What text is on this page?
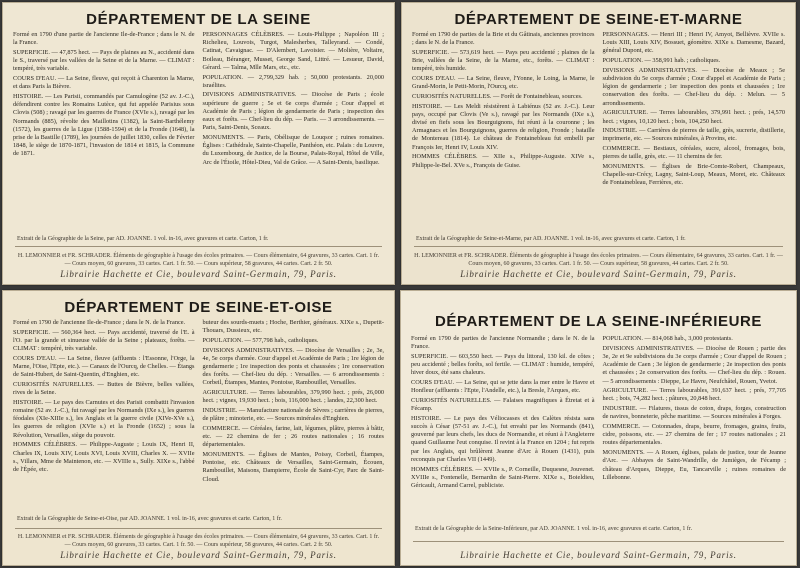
DÉPARTEMENT DE LA SEINE

Formé en 1790 d'une partie de l'ancienne Ile-de-France ; dans le N. de la France.

SUPERFICIE. — 47,875 hect. — Pays de plaines au N., accidenté dans le S., traversé par les vallées de la Seine et de la Marne. — CLIMAT : tempéré, très variable.

COURS D'EAU. — La Seine, fleuve, qui reçoit à Charenton la Marne, et dans Paris la Bièvre.

HISTOIRE. — Les Parisii, commandés par Camulogène (52 av. J.-C.), défendirent contre les Romains Lutèce, qui fut appelée Parisius sous Clovis (508) ; ravagé par les guerres de France (XVIe s.), ravagé par les Normands (885), révolte des Maillotins (1382), la Saint-Barthélemy (1572), les guerres de la Ligue (1588-1594) et de la Fronde (1648), la prise de la Bastille (1789), les journées de juillet 1830, celles de Février 1848, le siège de 1870-1871, l'invasion de 1814 et 1815, la Commune de 1871.

PERSONNAGES CÉLÈBRES. — Louis-Philippe ; Napoléon III ; Richelieu, Louvois, Turgot, Malesherbes, Talleyrand. — Condé, Catinat, Cavaignac. — D'Alembert, Lavoisier. — Molière, Voltaire, Boileau, Béranger, Musset, George Sand, Littré. — Lesueur, David, Gérard. — Talma, Mlle Mars, etc., etc.

POPULATION. — 2,799,329 hab. ; 50,000 protestants. 20,000 israélites.

DIVISIONS ADMINISTRATIVES. — Diocèse de Paris ; école supérieure de guerre ; 5e et 6e corps d'armée ; Cour d'appel et Académie de Paris ; légion de gendarmerie de Paris ; inspection des eaux et forêts. — Chef-lieu du dép. — Paris. — 3 arrondissements. — Paris, Saint-Denis, Sceaux.

MONUMENTS. — Paris, Obélisque de Louqsor ; ruines romaines. Églises : Cathédrale, Sainte-Chapelle, Panthéon, etc. Palais : du Louvre, du Luxembourg, de Justice, de la Bourse, Palais-Royal, Hôtel de Ville, Arc de l'Étoile, Hôtel-Dieu, Val de Grâce. — A Saint-Denis, basilique.

Extrait de la Géographie de la Seine, par AD. JOANNE. 1 vol. in-16, avec gravures et carte. Carton, 1 fr.
H. LEMONNIER et FR. SCHRADER. Éléments de géographie à l'usage des écoles primaires. — Cours élémentaire, 64 gravures, 33 cartes. Cart. 1 fr. — Cours moyen, 60 gravures, 33 cartes. Cart. 1 fr. 50. — Cours supérieur, 58 gravures, 44 cartes. Cart. 2 fr. 50.
Librairie Hachette et Cie, boulevard Saint-Germain, 79, Paris.
DÉPARTEMENT DE SEINE-ET-MARNE

Formé en 1790 de parties de la Brie et du Gâtinais, anciennes provinces ; dans le N. de la France.

SUPERFICIE. — 573,619 hect. — Pays peu accidenté ; plaines de la Brie, vallées de la Seine, de la Marne, etc., forêts. — CLIMAT : tempéré, très humide.

COURS D'EAU. — La Seine, fleuve, l'Yonne, le Loing, la Marne, le Grand-Morin, le Petit-Morin, l'Ourcq, etc.

CURIOSITÉS NATURELLES. — Forêt de Fontainebleau, sources.

HISTOIRE. — Les Meldi résistèrent à Labiénus (52 av. J.-C.). Leur pays, occupé par Clovis (Ve s.), ravagé par les Normands (IXe s.), divisé en fiefs sous les Bourguignons, fut réuni à la couronne ; les Armagnacs et les Bourguignons, guerres de religion, Fronde ; bataille de Montereau (1814). Le château de Fontainebleau fut embelli par François Ier, Henri IV, Louis XIV.

HOMMES CÉLÈBRES. — XIIe s., Philippe-Auguste. XIVe s., Philippe-le-Bel. XVe s., François de Guise.

PERSONNAGES. — Henri III ; Henri IV, Amyot, Bellièvre. XVIIe s. Louis XIII, Louis XIV, Bossuet, géomètre. XIXe s. Damesme, Bazard, général Dupont, etc.

POPULATION. — 358,991 hab. ; catholiques.

DIVISIONS ADMINISTRATIVES. — Diocèse de Meaux ; 5e subdivision du 5e corps d'armée ; Cour d'appel et Académie de Paris ; légion de gendarmerie ; 1er inspection des ponts et chaussées ; 1re conservation des forêts. — Chef-lieu du dép. : Melun. — 5 arrondissements.

AGRICULTURE. — Terres labourables, 379,991 hect. ; prés, 14,570 hect. ; vignes, 10,120 hect. ; bois, 104,250 hect.

INDUSTRIE. — Carrières de pierres de taille, grès, sucrerie, distillerie, imprimerie, etc. — Sources minérales, à Provins, etc.

COMMERCE. — Bestiaux, céréales, sucre, alcool, fromages, bois, pierres de taille, grès, etc. — 11 chemins de fer.

MONUMENTS. — Églises de Brie-Comte-Robert, Champeaux, Chapelle-sur-Crécy, Lagny, Saint-Loup, Meaux, Moret, etc. Châteaux de Fontainebleau, Ferrières, etc.

Extrait de la Géographie de Seine-et-Marne, par AD. JOANNE. 1 vol. in-16, avec gravures et carte. Carton, 1 fr.
H. LEMONNIER et FR. SCHRADER. Éléments de géographie à l'usage des écoles primaires. — Cours élémentaire, 64 gravures, 33 cartes. Cart. 1 fr. — Cours moyen, 60 gravures, 33 cartes. Cart. 1 fr. 50. — Cours supérieur, 58 gravures, 44 cartes. Cart. 2 fr. 50.
Librairie Hachette et Cie, boulevard Saint-Germain, 79, Paris.
DÉPARTEMENT DE SEINE-ET-OISE

Formé en 1790 de l'ancienne Ile-de-France ; dans le N. de la France.

SUPERFICIE. — 560,364 hect. — Pays accidenté, traversé de l'E. à l'O. par la grande et sinueuse vallée de la Seine ; plateaux, forêts. — CLIMAT : tempéré, très variable.

COURS D'EAU. — La Seine, fleuve (affluents : l'Essonne, l'Orge, la Marne, l'Oise, l'Epte, etc.). — Canaux de l'Ourcq, de Chelles. — Étangs de Saint-Hubert, de Saint-Quentin, d'Enghien, etc.

CURIOSITÉS NATURELLES. — Buttes de Bièvre, belles vallées, rives de la Seine.

HISTOIRE. — Le pays des Carnutes et des Parisii combattit l'invasion romaine (52 av. J.-C.), fut ravagé par les Normands (IXe s.), les guerres féodales (XIe-XIIIe s.), les Anglais et la guerre civile (XIVe-XVe s.), les guerres de religion (XVIe s.) et la Fronde (1652) ; sous la Révolution, Versailles, siège du pouvoir.

HOMMES CÉLÈBRES. — Philippe-Auguste ; Louis IX, Henri II, Charles IX, Louis XIV, Louis XVI, Louis XVIII, Charles X. — XVIIe s., Villars, Mme de Maintenon, etc. — XVIIIe s., Sully. XIXe s., l'abbé de l'Épée, etc.

buteur des sourds-muets ; Hoche, Berthier, généraux. XIXe s., Dupetit-Thouars, Dussieux, etc.

POPULATION. — 577,798 hab., catholiques.

DIVISIONS ADMINISTRATIVES. — Diocèse de Versailles ; 2e, 3e, 4e, 5e corps d'armée. Cour d'appel et Académie de Paris ; 1re légion de gendarmerie ; 1re inspection des ponts et chaussées ; 1re conservation des forêts. — Chef-lieu du dép. : Versailles. — 6 arrondissements : Corbeil, Étampes, Mantes, Pontoise, Rambouillet, Versailles.

AGRICULTURE. — Terres labourables, 379,990 hect. ; prés, 26,000 hect. ; vignes, 19,930 hect. ; bois, 116,000 hect. ; landes, 22,300 hect.

INDUSTRIE. — Manufacture nationale de Sèvres ; carrières de pierres, de plâtre ; minoterie, etc. — Sources minérales d'Enghien.

COMMERCE. — Céréales, farine, lait, légumes, plâtre, pierres à bâtir, etc. — 22 chemins de fer ; 26 routes nationales ; 16 routes départementales.

MONUMENTS. — Églises de Mantes, Poissy, Corbeil, Étampes, Pontoise, etc. Châteaux de Versailles, Saint-Germain, Écouen, Rambouillet, Maisons, Dampierre, École de Saint-Cyr, Parc de Saint-Cloud.

Extrait de la Géographie de Seine-et-Oise, par AD. JOANNE. 1 vol. in-16, avec gravures et carte. Carton, 1 fr.
H. LEMONNIER et FR. SCHRADER. Éléments de géographie à l'usage des écoles primaires. — Cours élémentaire, 64 gravures, 33 cartes. Cart. 1 fr. — Cours moyen, 60 gravures, 33 cartes. Cart. 1 fr. 50. — Cours supérieur, 58 gravures, 44 cartes. Cart. 2 fr. 50.
Librairie Hachette et Cie, boulevard Saint-Germain, 79, Paris.
DÉPARTEMENT DE LA SEINE-INFÉRIEURE

Formé en 1790 de parties de l'ancienne Normandie ; dans le N. de la France.

SUPERFICIE. — 603,550 hect. — Pays du littoral, 130 kil. de côtes ; peu accidenté ; belles forêts, sol fertile. — CLIMAT : humide, tempéré, hiver doux, été sans chaleurs.

COURS D'EAU. — La Seine, qui se jette dans la mer entre le Havre et Honfleur (affluents : l'Epte, l'Andelle, etc.), la Bresle, l'Arques, etc.

CURIOSITÉS NATURELLES. — Falaises magnifiques à Étretat et à Fécamp.

HISTOIRE. — Le pays des Véliocasses et des Calètes résista sans succès à César (57-51 av. J.-C.), fut envahi par les Normands (841), gouverné par leurs chefs, les ducs de Normandie, et réuni à l'Angleterre quand Guillaume l'eut conquise. Il revint à la France en 1204 ; fut repris par les Anglais, qui brûlèrent Jeanne d'Arc à Rouen (1431), puis reconquis par Charles VII (1449).

HOMMES CÉLÈBRES. — XVIIe s., P. Corneille, Duquesne, Jouvenet. XVIIIe s., Fontenelle, Bernardin de Saint-Pierre. XIXe s., Boieldieu, Géricault, Armand Carrel, publiciste.

POPULATION. — 814,068 hab., 3,000 protestants.

DIVISIONS ADMINISTRATIVES. — Diocèse de Rouen ; partie des 3e, 2e et 9e subdivisions du 3e corps d'armée ; Cour d'appel de Rouen ; Académie de Caen ; 3e légion de gendarmerie ; 2e inspection des ponts et chaussées ; 2e conservation des forêts. — Chef-lieu du dép. : Rouen. — 5 arrondissements : Dieppe, Le Havre, Neufchâtel, Rouen, Yvetot.

AGRICULTURE. — Terres labourables, 391,637 hect. ; prés, 77,705 hect. ; bois, 74,282 hect. ; pâtures, 20,848 hect.

INDUSTRIE. — Filatures, tissus de coton, draps, forges, construction de navires, bonneterie, pêche maritime. — Sources minérales à Forges.

COMMERCE. — Cotonnades, draps, beurre, fromages, grains, fruits, cidre, poissons, etc. — 27 chemins de fer ; 17 routes nationales ; 21 routes départementales.

MONUMENTS. — A Rouen, églises, palais de justice, tour de Jeanne d'Arc. — Abbayes de Saint-Wandrille, de Jumièges, de Fécamp ; château d'Arques, Dieppe, Eu, Tancarville ; ruines romaines de Lillebonne.

Extrait de la Géographie de la Seine-Inférieure, par AD. JOANNE. 1 vol. in-16, avec gravures et carte. Carton, 1 fr.
Librairie Hachette et Cie, boulevard Saint-Germain, 79, Paris.
